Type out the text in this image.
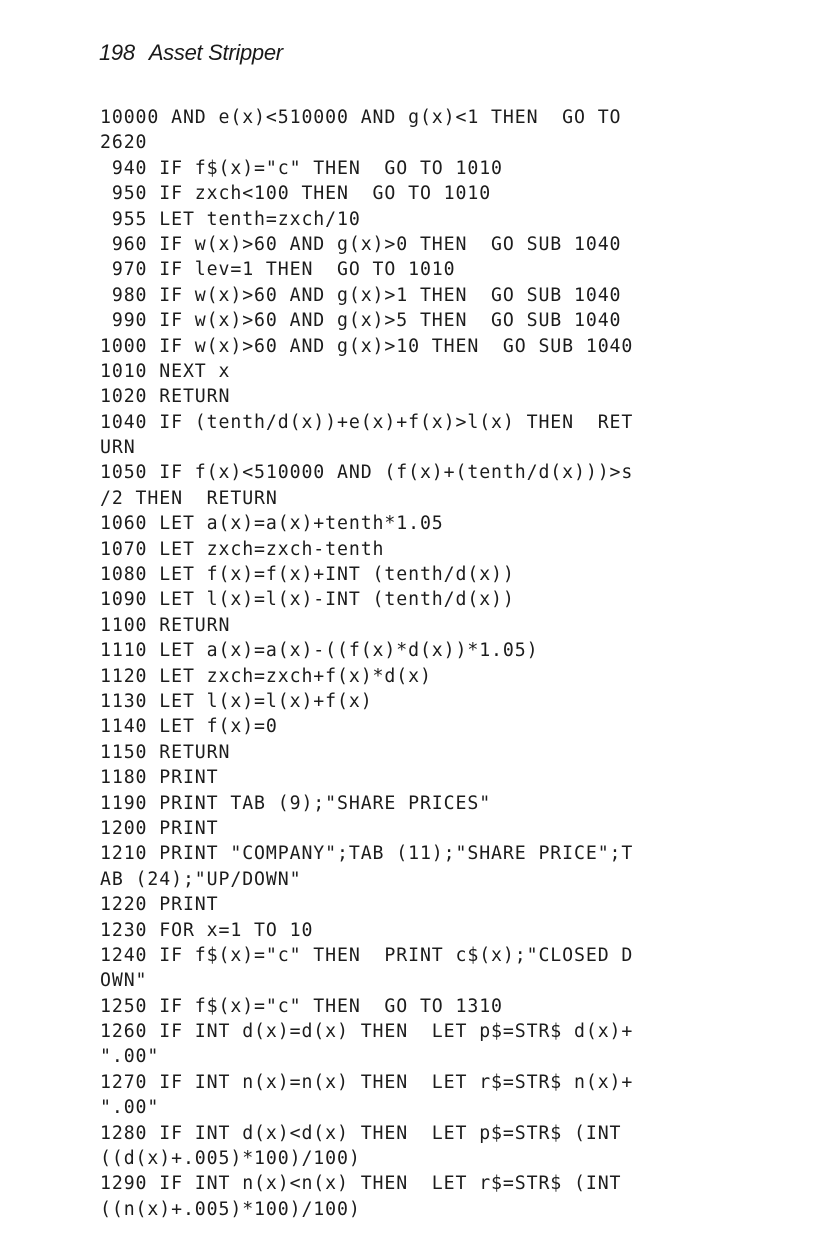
198 Asset Stripper
10000 AND e(x)<510000 AND g(x)<1 THEN  GO TO
2620
940 IF f$(x)="c" THEN  GO TO 1010
950 IF zxch<100 THEN  GO TO 1010
955 LET tenth=zxch/10
960 IF w(x)>60 AND g(x)>0 THEN  GO SUB 1040
970 IF lev=1 THEN  GO TO 1010
980 IF w(x)>60 AND g(x)>1 THEN  GO SUB 1040
990 IF w(x)>60 AND g(x)>5 THEN  GO SUB 1040
1000 IF w(x)>60 AND g(x)>10 THEN  GO SUB 1040
1010 NEXT x
1020 RETURN
1040 IF (tenth/d(x))+e(x)+f(x)>l(x) THEN  RET
URN
1050 IF f(x)<510000 AND (f(x)+(tenth/d(x)))>s
/2 THEN  RETURN
1060 LET a(x)=a(x)+tenth*1.05
1070 LET zxch=zxch-tenth
1080 LET f(x)=f(x)+INT (tenth/d(x))
1090 LET l(x)=l(x)-INT (tenth/d(x))
1100 RETURN
1110 LET a(x)=a(x)-((f(x)*d(x))*1.05)
1120 LET zxch=zxch+f(x)*d(x)
1130 LET l(x)=l(x)+f(x)
1140 LET f(x)=0
1150 RETURN
1180 PRINT
1190 PRINT TAB (9);"SHARE PRICES"
1200 PRINT
1210 PRINT "COMPANY";TAB (11);"SHARE PRICE";T
AB (24);"UP/DOWN"
1220 PRINT
1230 FOR x=1 TO 10
1240 IF f$(x)="c" THEN  PRINT c$(x);"CLOSED D
OWN"
1250 IF f$(x)="c" THEN  GO TO 1310
1260 IF INT d(x)=d(x) THEN  LET p$=STR$ d(x)+
".00"
1270 IF INT n(x)=n(x) THEN  LET r$=STR$ n(x)+
".00"
1280 IF INT d(x)<d(x) THEN  LET p$=STR$ (INT
((d(x)+.005)*100)/100)
1290 IF INT n(x)<n(x) THEN  LET r$=STR$ (INT
((n(x)+.005)*100)/100)
